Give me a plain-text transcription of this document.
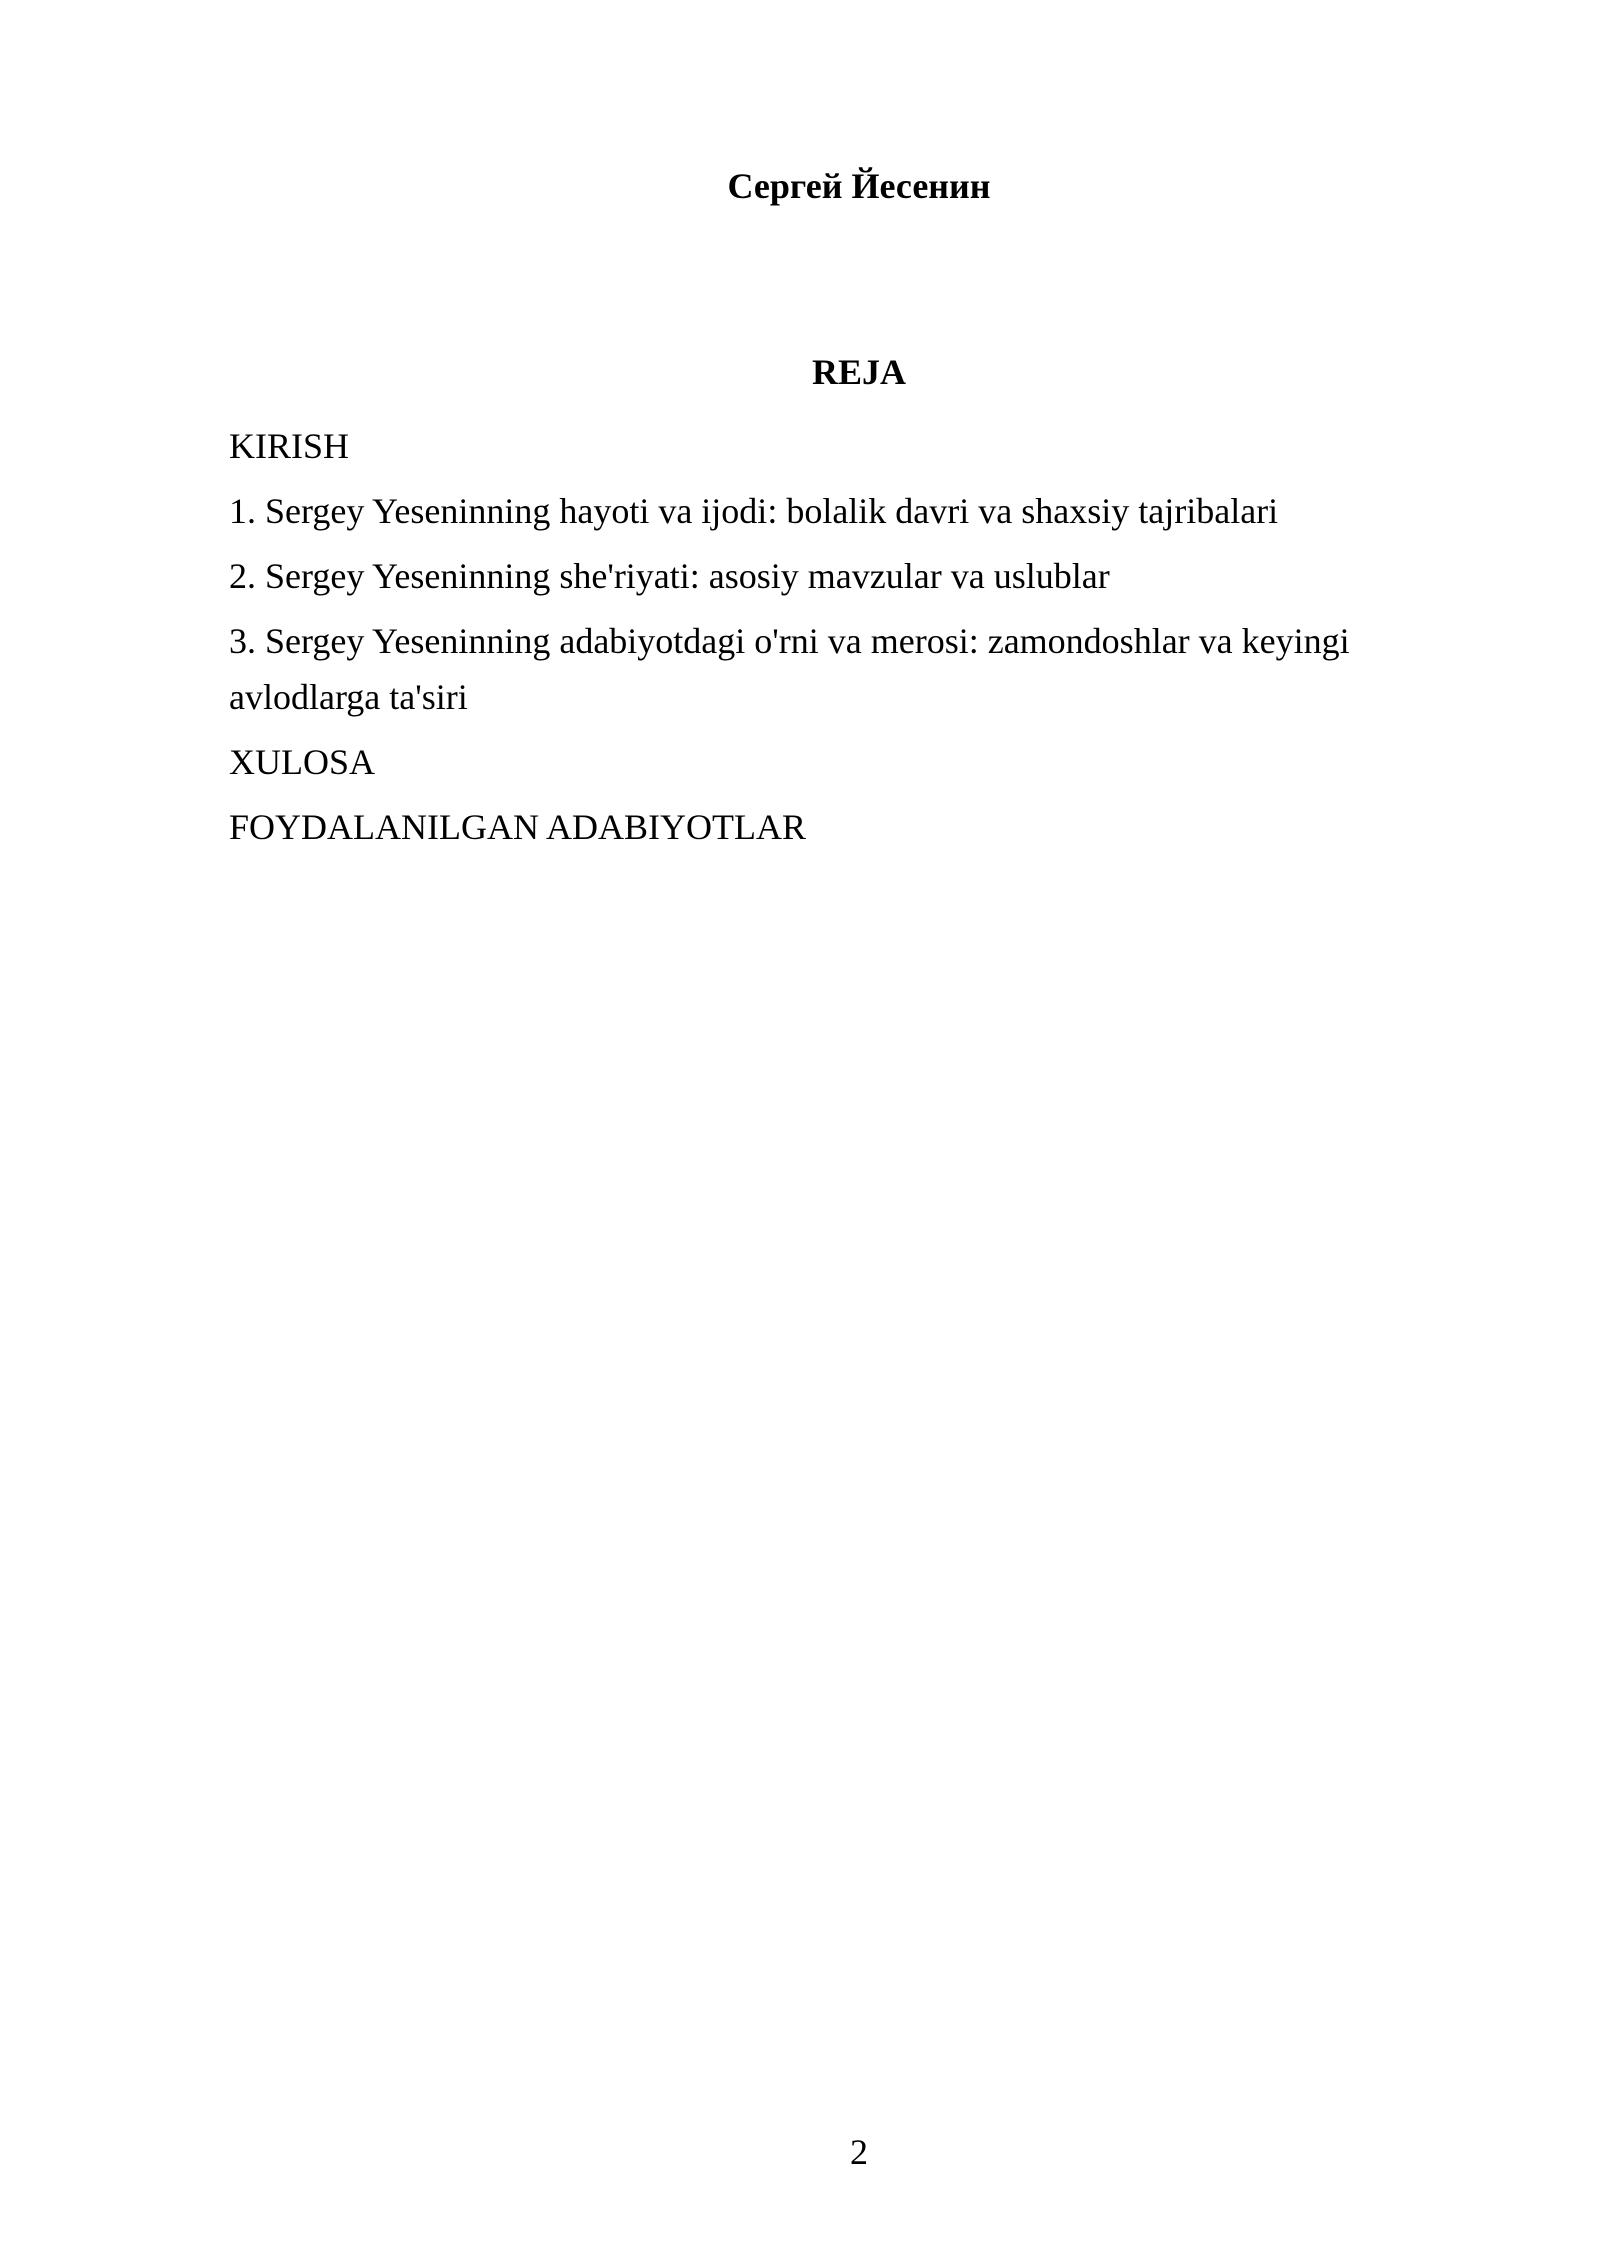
Сергей Йесенин
REJA
KIRISH
1. Sergey Yeseninning hayoti va ijodi: bolalik davri va shaxsiy tajribalari
2. Sergey Yeseninning she'riyati: asosiy mavzular va uslublar
3. Sergey Yeseninning adabiyotdagi o'rni va merosi: zamondoshlar va keyingi avlodlarga ta'siri
XULOSA
FOYDALANILGAN ADABIYOTLAR
2
